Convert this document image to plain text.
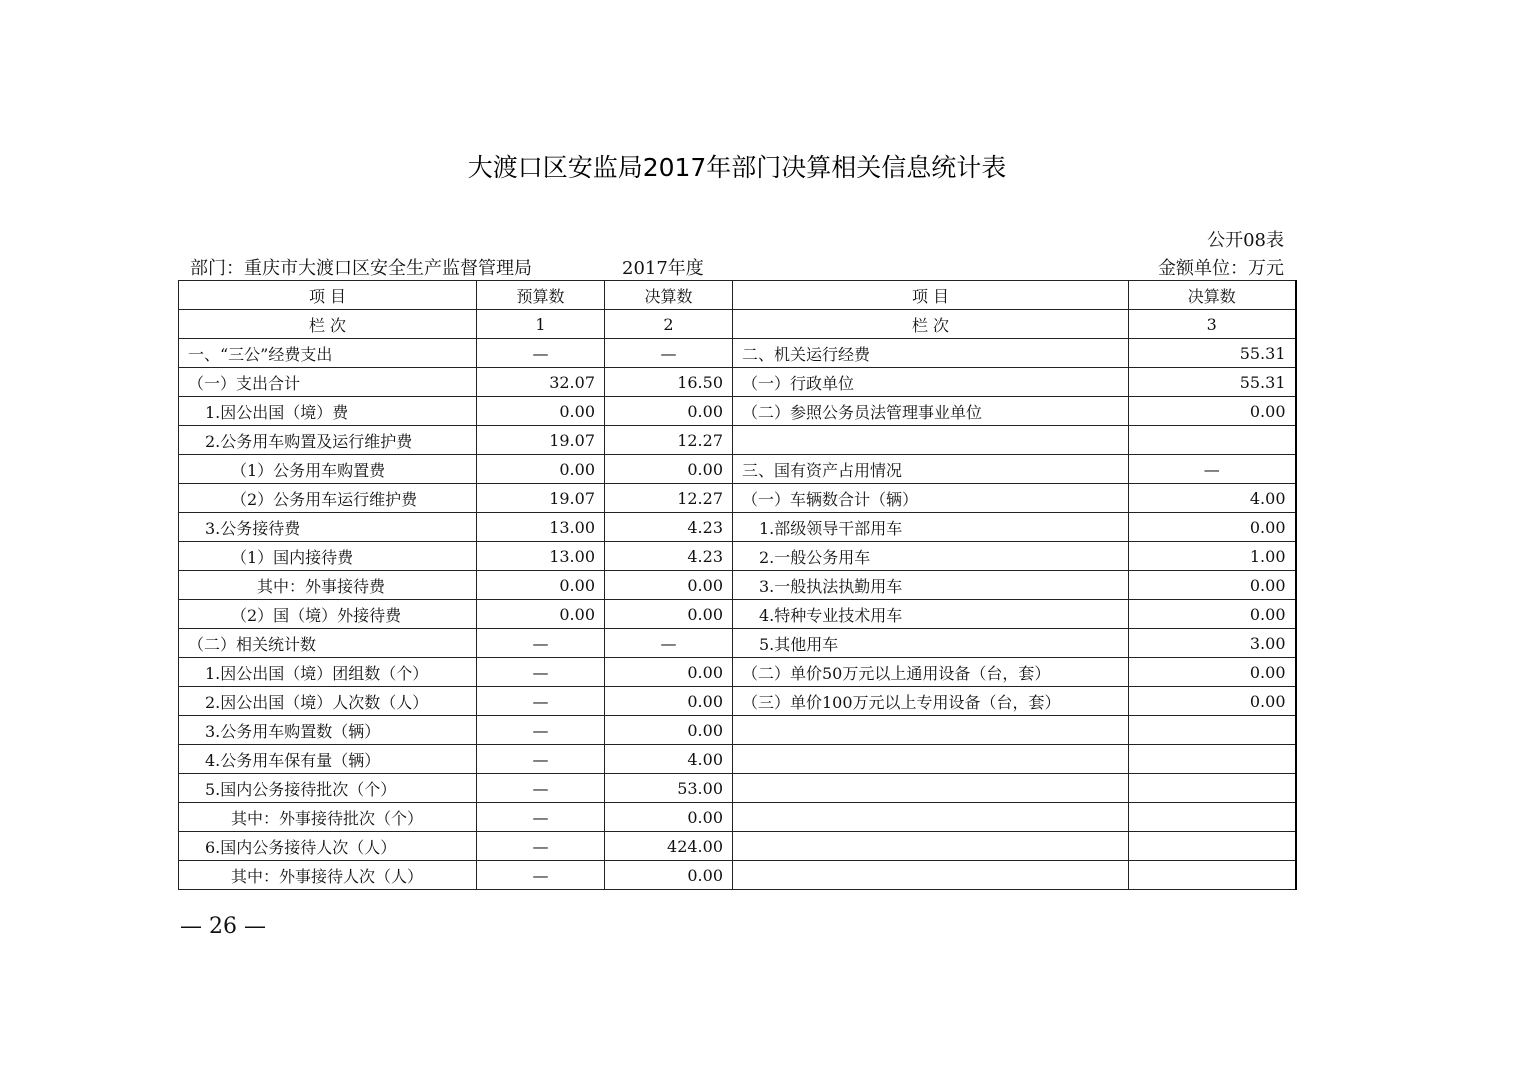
大渡口区安监局2017年部门决算相关信息统计表
公开08表
部门：重庆市大渡口区安全生产监督管理局	2017年度	金额单位：万元
项 目	预算数	决算数	项 目	决算数
栏 次	1	2	栏 次	3
一、“三公”经费支出	—	—	二、机关运行经费	55.31
（一）支出合计	32.07	16.50	（一）行政单位	55.31
1.因公出国（境）费	0.00	0.00	（二）参照公务员法管理事业单位	0.00
2.公务用车购置及运行维护费	19.07	12.27		
（1）公务用车购置费	0.00	0.00	三、国有资产占用情况	—
（2）公务用车运行维护费	19.07	12.27	（一）车辆数合计（辆）	4.00
3.公务接待费	13.00	4.23	1.部级领导干部用车	0.00
（1）国内接待费	13.00	4.23	2.一般公务用车	1.00
其中：外事接待费	0.00	0.00	3.一般执法执勤用车	0.00
（2）国（境）外接待费	0.00	0.00	4.特种专业技术用车	0.00
（二）相关统计数	—	—	5.其他用车	3.00
1.因公出国（境）团组数（个）	—	0.00	（二）单价50万元以上通用设备（台，套）	0.00
2.因公出国（境）人次数（人）	—	0.00	（三）单价100万元以上专用设备（台，套）	0.00
3.公务用车购置数（辆）	—	0.00		
4.公务用车保有量（辆）	—	4.00		
5.国内公务接待批次（个）	—	53.00		
其中：外事接待批次（个）	—	0.00		
6.国内公务接待人次（人）	—	424.00		
其中：外事接待人次（人）	—	0.00		
— 26 —
